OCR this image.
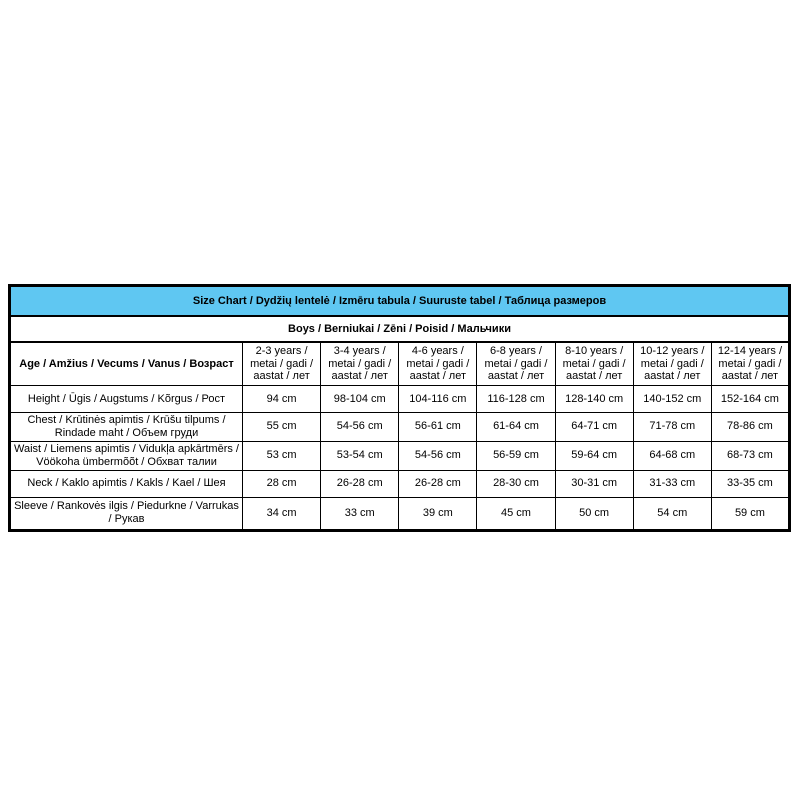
Size Chart / Dydžių lentelė / Izmēru tabula / Suuruste tabel / Таблица размеров							
Boys / Berniukai / Zēni / Poisid / Мальчики							
Age / Amžius / Vecums / Vanus / Возраст	2-3 years / metai / gadi / aastat / лет	3-4 years / metai / gadi / aastat / лет	4-6 years / metai / gadi / aastat / лет	6-8 years / metai / gadi / aastat / лет	8-10 years / metai / gadi / aastat / лет	10-12 years / metai / gadi / aastat / лет	12-14 years / metai / gadi / aastat / лет
Height / Ūgis / Augstums / Kõrgus / Рост	94 cm	98-104 cm	104-116 cm	116-128 cm	128-140 cm	140-152 cm	152-164 cm
Chest / Krūtinės apimtis / Krūšu tilpums / Rindade maht / Объем груди	55 cm	54-56 cm	56-61 cm	61-64 cm	64-71 cm	71-78 cm	78-86 cm
Waist / Liemens apimtis / Vidukļa apkārtmērs / Vöökoha ümbermõõt / Обхват талии	53 cm	53-54 cm	54-56 cm	56-59 cm	59-64 cm	64-68 cm	68-73 cm
Neck / Kaklo apimtis / Kakls / Kael / Шея	28 cm	26-28 cm	26-28 cm	28-30 cm	30-31 cm	31-33 cm	33-35 cm
Sleeve / Rankovės ilgis / Piedurkne / Varrukas / Рукав	34 cm	33 cm	39 cm	45 cm	50 cm	54 cm	59 cm
